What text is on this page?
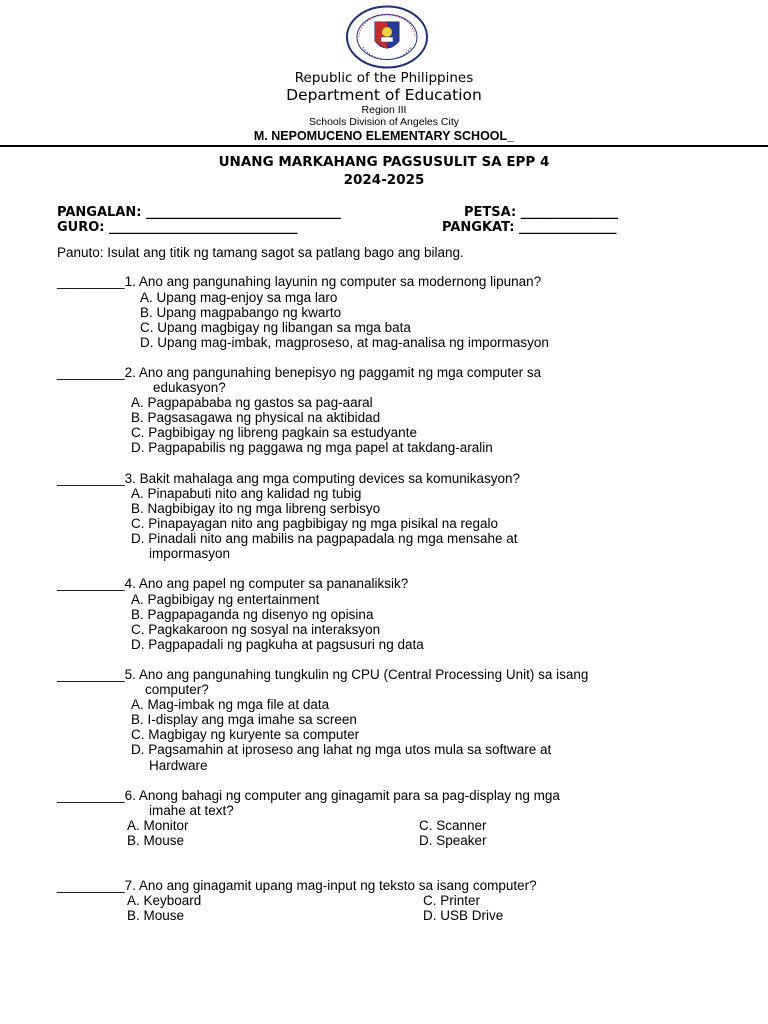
Republic of the Philippines
Department of Education
Region III
Schools Division of Angeles City
M. NEPOMUCENO ELEMENTARY SCHOOL_
UNANG MARKAHANG PAGSUSULIT SA EPP 4
2024-2025
PANGALAN: ______________________________	PETSA: _______________
GURO: _____________________________	PANGKAT: _______________
Panuto: Isulat ang titik ng tamang sagot sa patlang bago ang bilang.
_________1. Ano ang pangunahing layunin ng computer sa modernong lipunan?
A. Upang mag-enjoy sa mga laro
B. Upang magpabango ng kwarto
C. Upang magbigay ng libangan sa mga bata
D. Upang mag-imbak, magproseso, at mag-analisa ng impormasyon
_________2. Ano ang pangunahing benepisyo ng paggamit ng mga computer sa
edukasyon?
A. Pagpapababa ng gastos sa pag-aaral
B. Pagsasagawa ng physical na aktibidad
C. Pagbibigay ng libreng pagkain sa estudyante
D. Pagpapabilis ng paggawa ng mga papel at takdang-aralin
_________3. Bakit mahalaga ang mga computing devices sa komunikasyon?
A. Pinapabuti nito ang kalidad ng tubig
B. Nagbibigay ito ng mga libreng serbisyo
C. Pinapayagan nito ang pagbibigay ng mga pisikal na regalo
D. Pinadali nito ang mabilis na pagpapadala ng mga mensahe at
impormasyon
_________4. Ano ang papel ng computer sa pananaliksik?
A. Pagbibigay ng entertainment
B. Pagpapaganda ng disenyo ng opisina
C. Pagkakaroon ng sosyal na interaksyon
D. Pagpapadali ng pagkuha at pagsusuri ng data
_________5. Ano ang pangunahing tungkulin ng CPU (Central Processing Unit) sa isang
computer?
A. Mag-imbak ng mga file at data
B. I-display ang mga imahe sa screen
C. Magbigay ng kuryente sa computer
D. Pagsamahin at iproseso ang lahat ng mga utos mula sa software at
Hardware
_________6. Anong bahagi ng computer ang ginagamit para sa pag-display ng mga
imahe at text?
A. Monitor	C. Scanner
B. Mouse	D. Speaker
_________7. Ano ang ginagamit upang mag-input ng teksto sa isang computer?
A. Keyboard	C. Printer
B. Mouse	D. USB Drive
